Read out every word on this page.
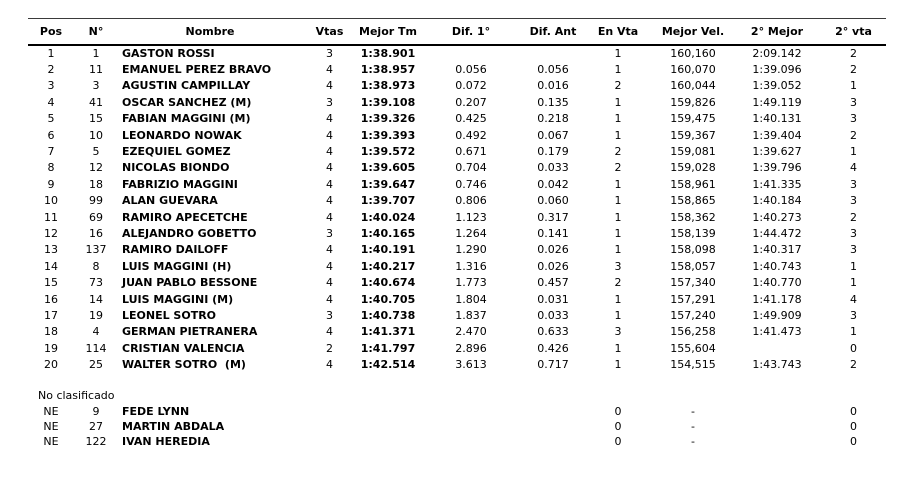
Pos	N°	Nombre	Vtas	Mejor Tm	Dif. 1°	Dif. Ant	En Vta	Mejor Vel.	2° Mejor	2° vta
1	1	GASTON ROSSI	3	1:38.901			1	160,160	2:09.142	2
2	11	EMANUEL PEREZ BRAVO	4	1:38.957	0.056	0.056	1	160,070	1:39.096	2
3	3	AGUSTIN CAMPILLAY	4	1:38.973	0.072	0.016	2	160,044	1:39.052	1
4	41	OSCAR SANCHEZ (M)	3	1:39.108	0.207	0.135	1	159,826	1:49.119	3
5	15	FABIAN MAGGINI (M)	4	1:39.326	0.425	0.218	1	159,475	1:40.131	3
6	10	LEONARDO NOWAK	4	1:39.393	0.492	0.067	1	159,367	1:39.404	2
7	5	EZEQUIEL GOMEZ	4	1:39.572	0.671	0.179	2	159,081	1:39.627	1
8	12	NICOLAS BIONDO	4	1:39.605	0.704	0.033	2	159,028	1:39.796	4
9	18	FABRIZIO MAGGINI	4	1:39.647	0.746	0.042	1	158,961	1:41.335	3
10	99	ALAN GUEVARA	4	1:39.707	0.806	0.060	1	158,865	1:40.184	3
11	69	RAMIRO APECETCHE	4	1:40.024	1.123	0.317	1	158,362	1:40.273	2
12	16	ALEJANDRO GOBETTO	3	1:40.165	1.264	0.141	1	158,139	1:44.472	3
13	137	RAMIRO DAILOFF	4	1:40.191	1.290	0.026	1	158,098	1:40.317	3
14	8	LUIS MAGGINI (H)	4	1:40.217	1.316	0.026	3	158,057	1:40.743	1
15	73	JUAN PABLO BESSONE	4	1:40.674	1.773	0.457	2	157,340	1:40.770	1
16	14	LUIS MAGGINI (M)	4	1:40.705	1.804	0.031	1	157,291	1:41.178	4
17	19	LEONEL SOTRO	3	1:40.738	1.837	0.033	1	157,240	1:49.909	3
18	4	GERMAN PIETRANERA	4	1:41.371	2.470	0.633	3	156,258	1:41.473	1
19	114	CRISTIAN VALENCIA	2	1:41.797	2.896	0.426	1	155,604		0
20	25	WALTER SOTRO  (M)	4	1:42.514	3.613	0.717	1	154,515	1:43.743	2

No clasificado										
NE	9	FEDE LYNN					0	-		0
NE	27	MARTIN ABDALA					0	-		0
NE	122	IVAN HEREDIA					0	-		0
